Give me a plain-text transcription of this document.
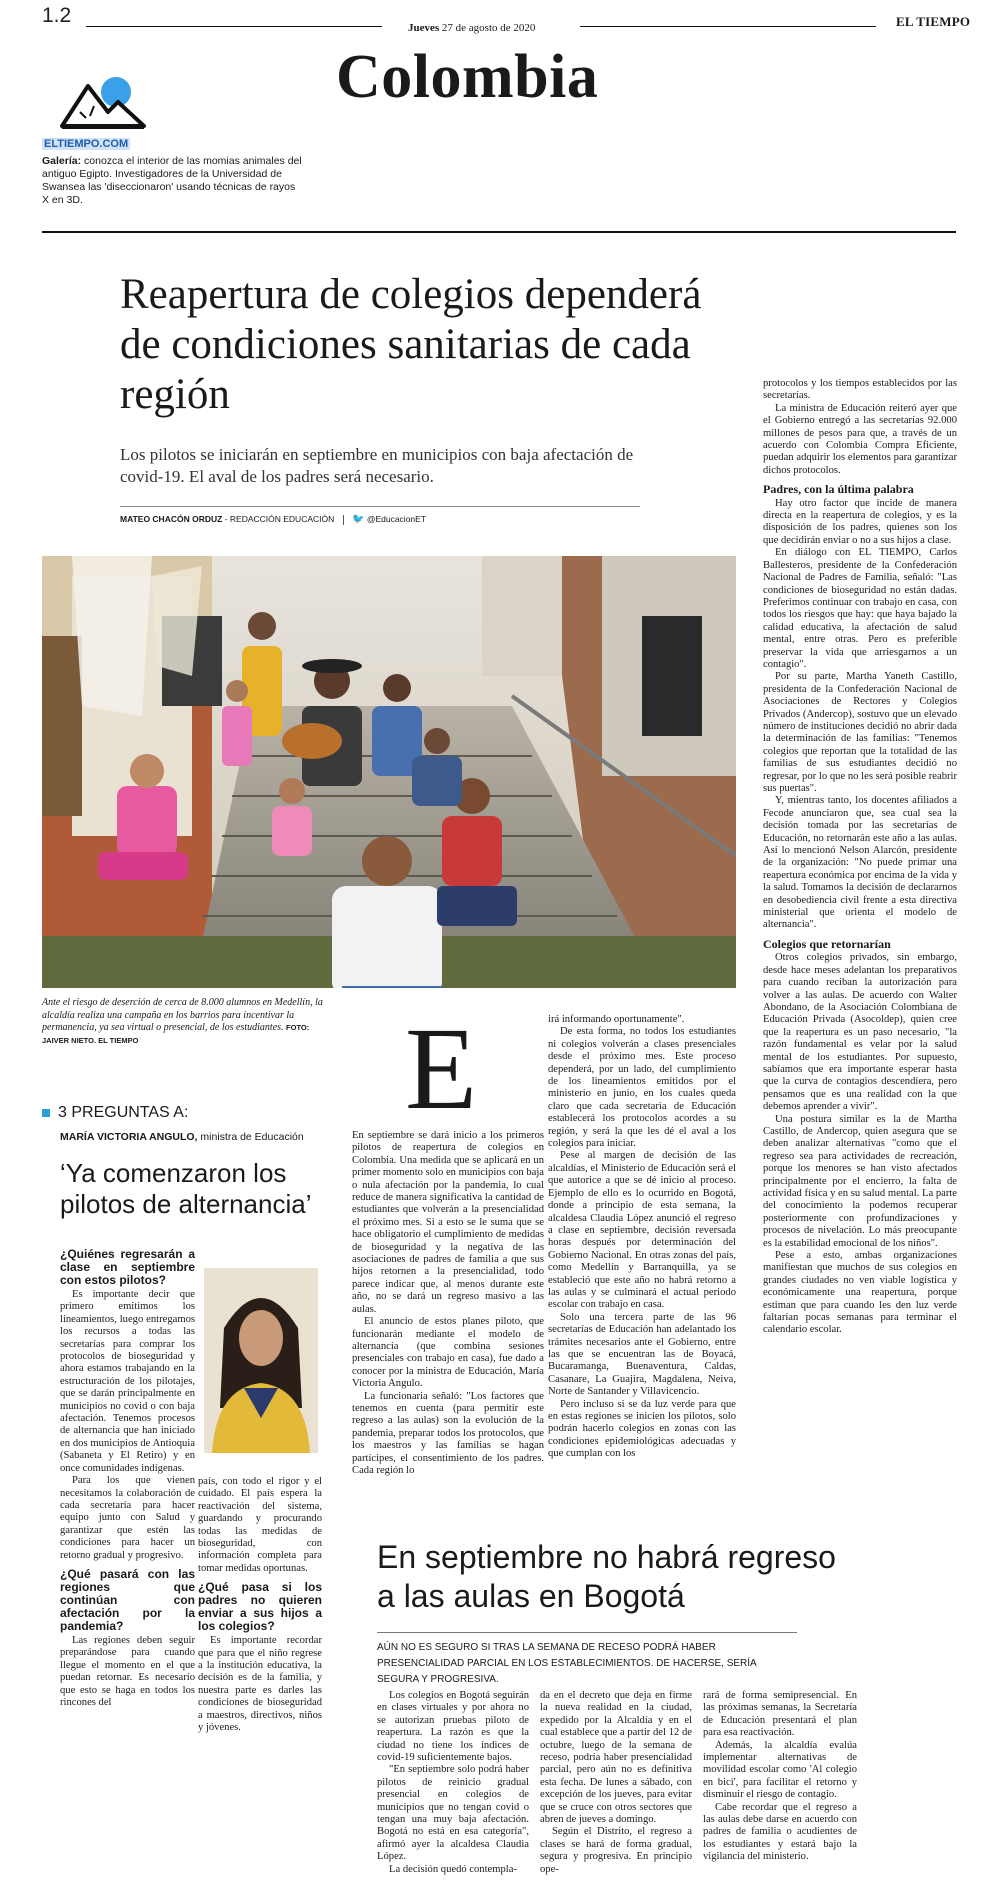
1.2
Jueves 27 de agosto de 2020	EL TIEMPO
Colombia
ELTIEMPO.COM
Galería: conozca el interior de las momias animales del antiguo Egipto. Investigadores de la Universidad de Swansea las 'diseccionaron' usando técnicas de rayos X en 3D.
Reapertura de colegios dependerá de condiciones sanitarias de cada región
Los pilotos se iniciarán en septiembre en municipios con baja afectación de covid-19. El aval de los padres será necesario.
MATEO CHACÓN ORDUZ - REDACCIÓN EDUCACIÓN 🐦 @EducacionET
Ante el riesgo de deserción de cerca de 8.000 alumnos en Medellín, la alcaldía realiza una campaña en los barrios para incentivar la permanencia, ya sea virtual o presencial, de los estudiantes. FOTO: JAIVER NIETO. EL TIEMPO	E

En septiembre se dará inicio a los primeros pilotos de reapertura de colegios en Colombia. Una medida que se aplicará en un primer momento solo en municipios con baja o nula afectación por la pandemia, lo cual reduce de manera significativa la cantidad de estudiantes que volverán a la presencialidad el próximo mes. Si a esto se le suma que se hace obligatorio el cumplimiento de medidas de bioseguridad y la negativa de las asociaciones de padres de familia a que sus hijos retornen a la presencialidad, todo parece indicar que, al menos durante este año, no se dará un regreso masivo a las aulas.

El anuncio de estos planes piloto, que funcionarán mediante el modelo de alternancia (que combina sesiones presenciales con trabajo en casa), fue dado a conocer por la ministra de Educación, María Victoria Angulo.

La funcionaria señaló: "Los factores que tenemos en cuenta (para permitir este regreso a las aulas) son la evolución de la pandemia, preparar todos los protocolos, que los maestros y las familias se hagan partícipes, el consentimiento de los padres. Cada región lo

irá informando oportunamente".

De esta forma, no todos los estudiantes ni colegios volverán a clases presenciales desde el próximo mes. Este proceso dependerá, por un lado, del cumplimiento de los lineamientos emitidos por el ministerio en junio, en los cuales queda claro que cada secretaría de Educación establecerá los protocolos acordes a su región, y será la que les dé el aval a los colegios para iniciar.

Pese al margen de decisión de las alcaldías, el Ministerio de Educación será el que autorice a que se dé inicio al proceso. Ejemplo de ello es lo ocurrido en Bogotá, donde a principio de esta semana, la alcaldesa Claudia López anunció el regreso a clase en septiembre, decisión reversada horas después por determinación del Gobierno Nacional. En otras zonas del país, como Medellín y Barranquilla, ya se estableció que este año no habrá retorno a las aulas y se culminará el actual periodo escolar con trabajo en casa.

Solo una tercera parte de las 96 secretarías de Educación han adelantado los trámites necesarios ante el Gobierno, entre las que se encuentran las de Boyacá, Bucaramanga, Buenaventura, Caldas, Casanare, La Guajira, Magdalena, Neiva, Norte de Santander y Villavicencio.

Pero incluso si se da luz verde para que en estas regiones se inicien los pilotos, solo podrán hacerlo colegios en zonas con las condiciones epidemiológicas adecuadas y que cumplan con los

protocolos y los tiempos establecidos por las secretarías.

La ministra de Educación reiteró ayer que el Gobierno entregó a las secretarías 92.000 millones de pesos para que, a través de un acuerdo con Colombia Compra Eficiente, puedan adquirir los elementos para garantizar dichos protocolos.

Padres, con la última palabra

Hay otro factor que incide de manera directa en la reapertura de colegios, y es la disposición de los padres, quienes son los que decidirán enviar o no a sus hijos a clase.

En diálogo con EL TIEMPO, Carlos Ballesteros, presidente de la Confederación Nacional de Padres de Familia, señaló: "Las condiciones de bioseguridad no están dadas. Preferimos continuar con trabajo en casa, con todos los riesgos que hay: que haya bajado la calidad educativa, la afectación de salud mental, entre otras. Pero es preferible preservar la vida que arriesgarnos a un contagio".

Por su parte, Martha Yaneth Castillo, presidenta de la Confederación Nacional de Asociaciones de Rectores y Colegios Privados (Andercop), sostuvo que un elevado número de instituciones decidió no abrir dada la determinación de las familias: "Tenemos colegios que reportan que la totalidad de las familias de sus estudiantes decidió no regresar, por lo que no les será posible reabrir sus puertas".

Y, mientras tanto, los docentes afiliados a Fecode anunciaron que, sea cual sea la decisión tomada por las secretarías de Educación, no retornarán este año a las aulas. Así lo mencionó Nelson Alarcón, presidente de la organización: "No puede primar una reapertura económica por encima de la vida y la salud. Tomamos la decisión de declararnos en desobediencia civil frente a esta directiva ministerial que orienta el modelo de alternancia".

Colegios que retornarían

Otros colegios privados, sin embargo, desde hace meses adelantan los preparativos para cuando reciban la autorización para volver a las aulas. De acuerdo con Walter Abondano, de la Asociación Colombiana de Educación Privada (Asocoldep), quien cree que la reapertura es un paso necesario, "la razón fundamental es velar por la salud mental de los estudiantes. Por supuesto, sabíamos que era importante esperar hasta que la curva de contagios descendiera, pero pensamos que es una realidad con la que debemos aprender a vivir".

Una postura similar es la de Martha Castillo, de Andercop, quien asegura que se deben analizar alternativas "como que el regreso sea para actividades de recreación, porque los menores se han visto afectados principalmente por el encierro, la falta de actividad física y en su salud mental. La parte del conocimiento la podemos recuperar posteriormente con profundizaciones y procesos de nivelación. Lo más preocupante es la estabilidad emocional de los niños".

Pese a esto, ambas organizaciones manifiestan que muchos de sus colegios en grandes ciudades no ven viable logística y económicamente una reapertura, porque estiman que para cuando les den luz verde faltarían pocas semanas para terminar el calendario escolar.

3 PREGUNTAS A:
MARÍA VICTORIA ANGULO, ministra de Educación
‘Ya comenzaron los pilotos de alternancia’
¿Quiénes regresarán a clase en septiembre con estos pilotos?

Es importante decir que primero emitimos los lineamientos, luego entregamos los recursos a todas las secretarías para comprar los protocolos de bioseguridad y ahora estamos trabajando en la estructuración de los pilotajes, que se darán principalmente en municipios no covid o con baja afectación. Tenemos procesos de alternancia que han iniciado en dos municipios de Antioquia (Sabaneta y El Retiro) y en once comunidades indígenas.

Para los que vienen necesitamos la colaboración de cada secretaría para hacer equipo junto con Salud y garantizar que estén las condiciones para hacer un retorno gradual y progresivo.

¿Qué pasará con las regiones que continúan con afectación por la pandemia?

Las regiones deben seguir preparándose para cuando llegue el momento en el que puedan retornar. Es necesario que esto se haga en todos los rincones del

país, con todo el rigor y el cuidado. El país espera la reactivación del sistema, guardando y procurando todas las medidas de bioseguridad, con información completa para tomar medidas oportunas.

¿Qué pasa si los padres no quieren enviar a sus hijos a los colegios?

Es importante recordar que para que el niño regrese a la institución educativa, la decisión es de la familia, y nuestra parte es darles las condiciones de bioseguridad a maestros, directivos, niños y jóvenes.

En septiembre no habrá regreso a las aulas en Bogotá
AÚN NO ES SEGURO SI TRAS LA SEMANA DE RECESO PODRÁ HABER PRESENCIALIDAD PARCIAL EN LOS ESTABLECIMIENTOS. DE HACERSE, SERÍA SEGURA Y PROGRESIVA.

Los colegios en Bogotá seguirán en clases virtuales y por ahora no se autorizan pruebas piloto de reapertura. La razón es que la ciudad no tiene los índices de covid-19 suficientemente bajos.

"En septiembre solo podrá haber pilotos de reinicio gradual presencial en colegios de municipios que no tengan covid o tengan una muy baja afectación. Bogotá no está en esa categoría", afirmó ayer la alcaldesa Claudia López.

La decisión quedó contempla-

da en el decreto que deja en firme la nueva realidad en la ciudad, expedido por la Alcaldía y en el cual establece que a partir del 12 de octubre, luego de la semana de receso, podría haber presencialidad parcial, pero aún no es definitiva esta fecha. De lunes a sábado, con excepción de los jueves, para evitar que se cruce con otros sectores que abren de jueves a domingo.

Según el Distrito, el regreso a clases se hará de forma gradual, segura y progresiva. En principio ope-

rará de forma semipresencial. En las próximas semanas, la Secretaría de Educación presentará el plan para esa reactivación.

Además, la alcaldía evalúa implementar alternativas de movilidad escolar como 'Al colegio en bici', para facilitar el retorno y disminuir el riesgo de contagio.

Cabe recordar que el regreso a las aulas debe darse en acuerdo con padres de familia o acudientes de los estudiantes y estará bajo la vigilancia del ministerio.
